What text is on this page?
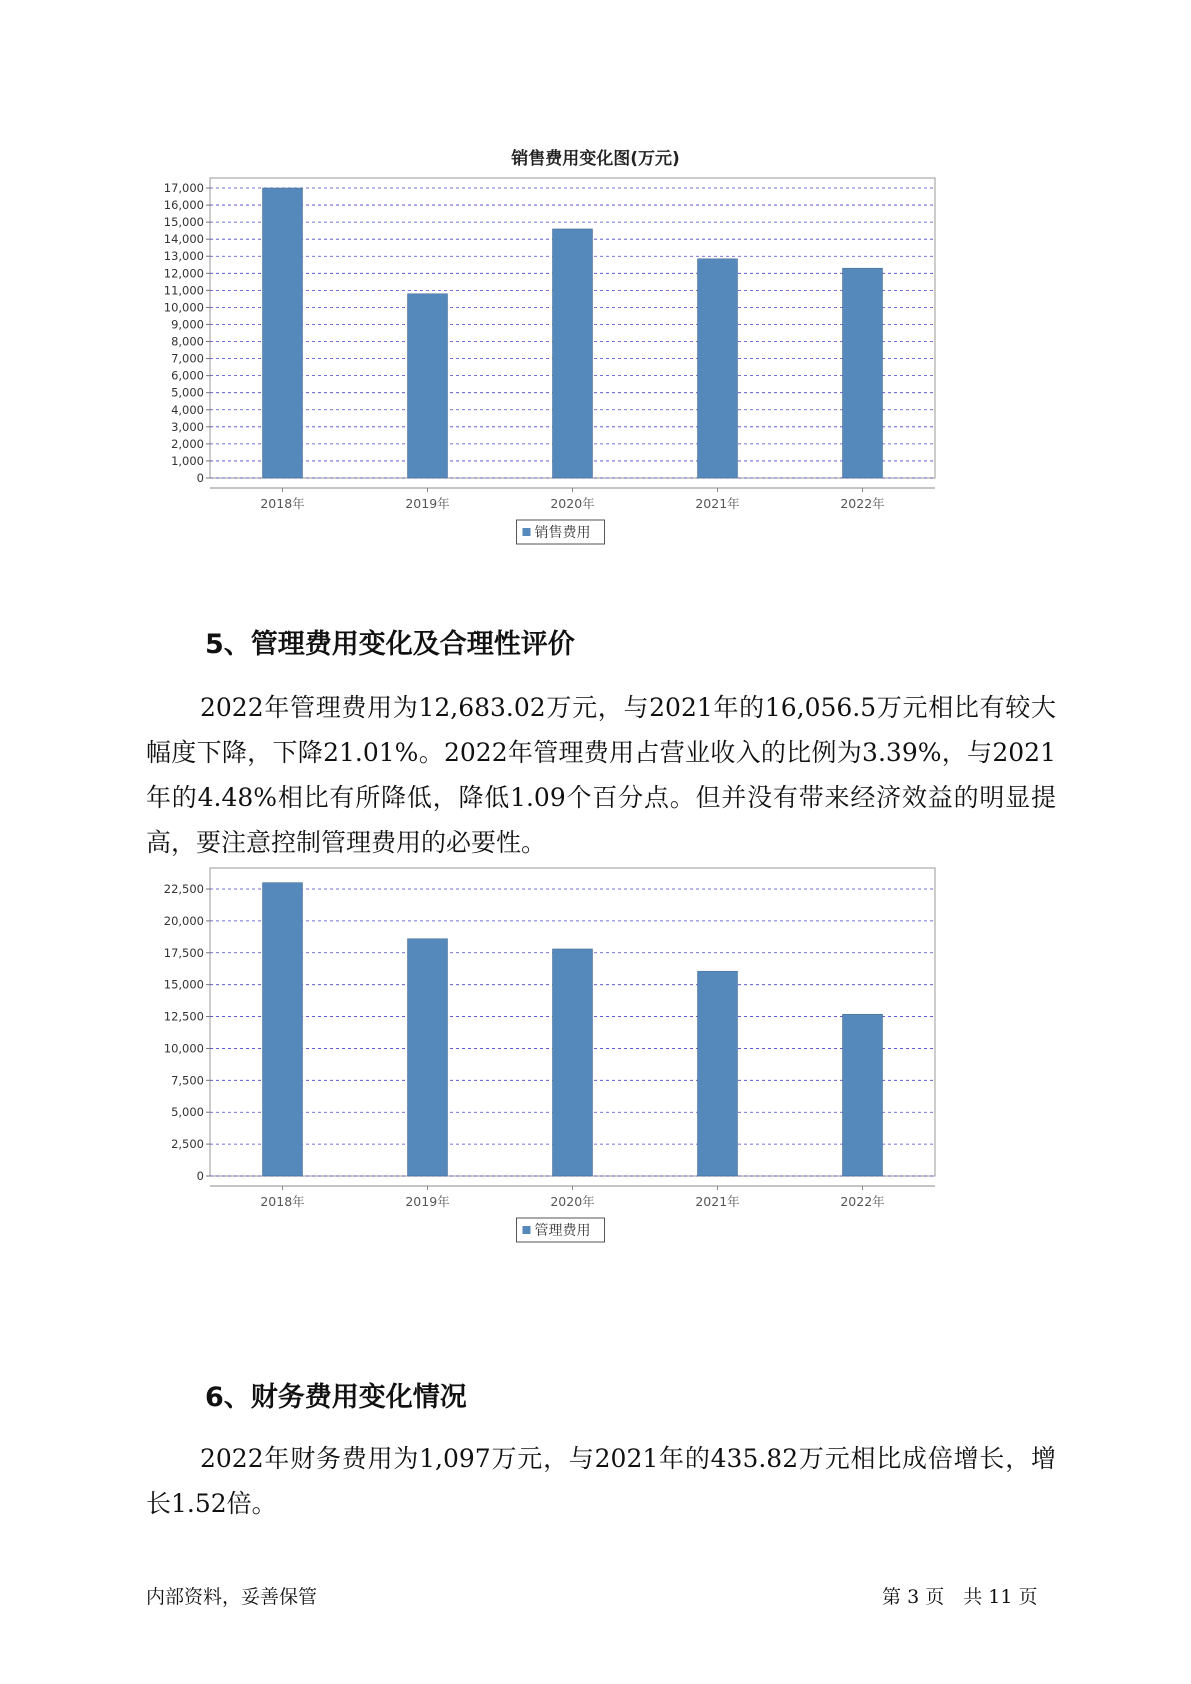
销售费用变化图(万元)
0
1,000
2,000
3,000
4,000
5,000
6,000
7,000
8,000
9,000
10,000
11,000
12,000
13,000
14,000
15,000
16,000
17,000
2018年	2019年	2020年	2021年	2022年
销售费用
5、管理费用变化及合理性评价

2022年管理费用为12,683.02万元，与2021年的16,056.5万元相比有较大幅度下降，下降21.01%。2022年管理费用占营业收入的比例为3.39%，与2021年的4.48%相比有所降低，降低1.09个百分点。但并没有带来经济效益的明显提高，要注意控制管理费用的必要性。

0
2,500
5,000
7,500
10,000
12,500
15,000
17,500
20,000
22,500
2018年	2019年	2020年	2021年	2022年
管理费用
6、财务费用变化情况

2022年财务费用为1,097万元，与2021年的435.82万元相比成倍增长，增长1.52倍。

内部资料，妥善保管	第 3 页　共 11 页
